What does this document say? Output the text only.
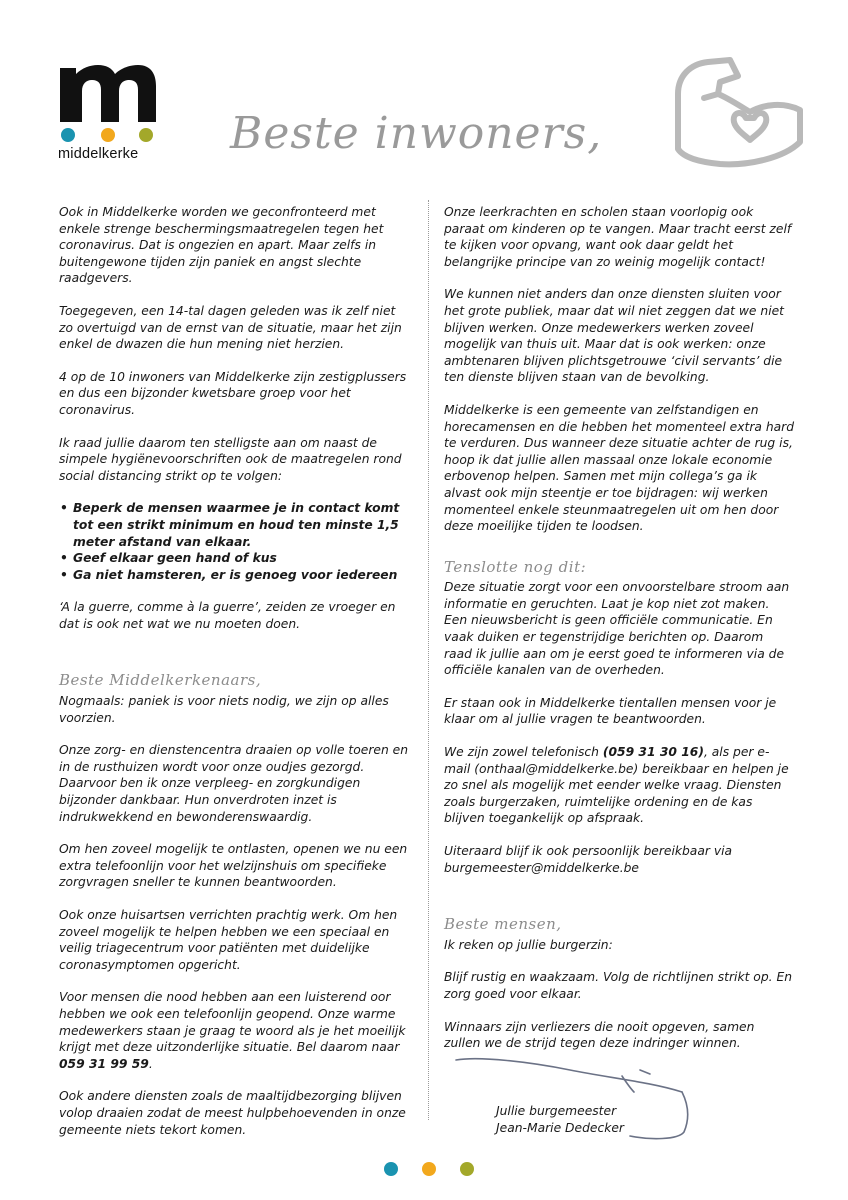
middelkerke Beste inwoners,

Ook in Middelkerke worden we geconfronteerd met enkele strenge beschermingsmaatregelen tegen het coronavirus. Dat is ongezien en apart. Maar zelfs in buitengewone tijden zijn paniek en angst slechte raadgevers.

Toegegeven, een 14-tal dagen geleden was ik zelf niet zo overtuigd van de ernst van de situatie, maar het zijn enkel de dwazen die hun mening niet herzien.

4 op de 10 inwoners van Middelkerke zijn zestigplussers en dus een bijzonder kwetsbare groep voor het coronavirus.

Ik raad jullie daarom ten stelligste aan om naast de simpele hygiënevoorschriften ook de maatregelen rond social distancing strikt op te volgen:

• Beperk de mensen waarmee je in contact komt tot een strikt minimum en houd ten minste 1,5 meter afstand van elkaar.
• Geef elkaar geen hand of kus
• Ga niet hamsteren, er is genoeg voor iedereen

‘A la guerre, comme à la guerre’, zeiden ze vroeger en dat is ook net wat we nu moeten doen.

Beste Middelkerkenaars,

Nogmaals: paniek is voor niets nodig, we zijn op alles voorzien.

Onze zorg- en dienstencentra draaien op volle toeren en in de rusthuizen wordt voor onze oudjes gezorgd. Daarvoor ben ik onze verpleeg- en zorgkundigen bijzonder dankbaar. Hun onverdroten inzet is indrukwekkend en bewonderenswaardig.

Om hen zoveel mogelijk te ontlasten, openen we nu een extra telefoonlijn voor het welzijnshuis om specifieke zorgvragen sneller te kunnen beantwoorden.

Ook onze huisartsen verrichten prachtig werk. Om hen zoveel mogelijk te helpen hebben we een speciaal en veilig triagecentrum voor patiënten met duidelijke coronasymptomen opgericht.

Voor mensen die nood hebben aan een luisterend oor hebben we ook een telefoonlijn geopend. Onze warme medewerkers staan je graag te woord als je het moeilijk krijgt met deze uitzonderlijke situatie. Bel daarom naar 059 31 99 59.

Ook andere diensten zoals de maaltijdbezorging blijven volop draaien zodat de meest hulpbehoevenden in onze gemeente niets tekort komen.

Onze leerkrachten en scholen staan voorlopig ook paraat om kinderen op te vangen. Maar tracht eerst zelf te kijken voor opvang, want ook daar geldt het belangrijke principe van zo weinig mogelijk contact!

We kunnen niet anders dan onze diensten sluiten voor het grote publiek, maar dat wil niet zeggen dat we niet blijven werken. Onze medewerkers werken zoveel mogelijk van thuis uit. Maar dat is ook werken: onze ambtenaren blijven plichtsgetrouwe ‘civil servants’ die ten dienste blijven staan van de bevolking.

Middelkerke is een gemeente van zelfstandigen en horecamensen en die hebben het momenteel extra hard te verduren. Dus wanneer deze situatie achter de rug is, hoop ik dat jullie allen massaal onze lokale economie erbovenop helpen. Samen met mijn collega’s ga ik alvast ook mijn steentje er toe bijdragen: wij werken momenteel enkele steunmaatregelen uit om hen door deze moeilijke tijden te loodsen.

Tenslotte nog dit:

Deze situatie zorgt voor een onvoorstelbare stroom aan informatie en geruchten. Laat je kop niet zot maken. Een nieuwsbericht is geen officiële communicatie. En vaak duiken er tegenstrijdige berichten op. Daarom raad ik jullie aan om je eerst goed te informeren via de officiële kanalen van de overheden.

Er staan ook in Middelkerke tientallen mensen voor je klaar om al jullie vragen te beantwoorden.

We zijn zowel telefonisch (059 31 30 16), als per e-mail (onthaal@middelkerke.be) bereikbaar en helpen je zo snel als mogelijk met eender welke vraag. Diensten zoals burgerzaken, ruimtelijke ordening en de kas blijven toegankelijk op afspraak.

Uiteraard blijf ik ook persoonlijk bereikbaar via burgemeester@middelkerke.be

Beste mensen,

Ik reken op jullie burgerzin:

Blijf rustig en waakzaam. Volg de richtlijnen strikt op. En zorg goed voor elkaar.

Winnaars zijn verliezers die nooit opgeven, samen zullen we de strijd tegen deze indringer winnen.

Jullie burgemeester
Jean-Marie Dedecker
